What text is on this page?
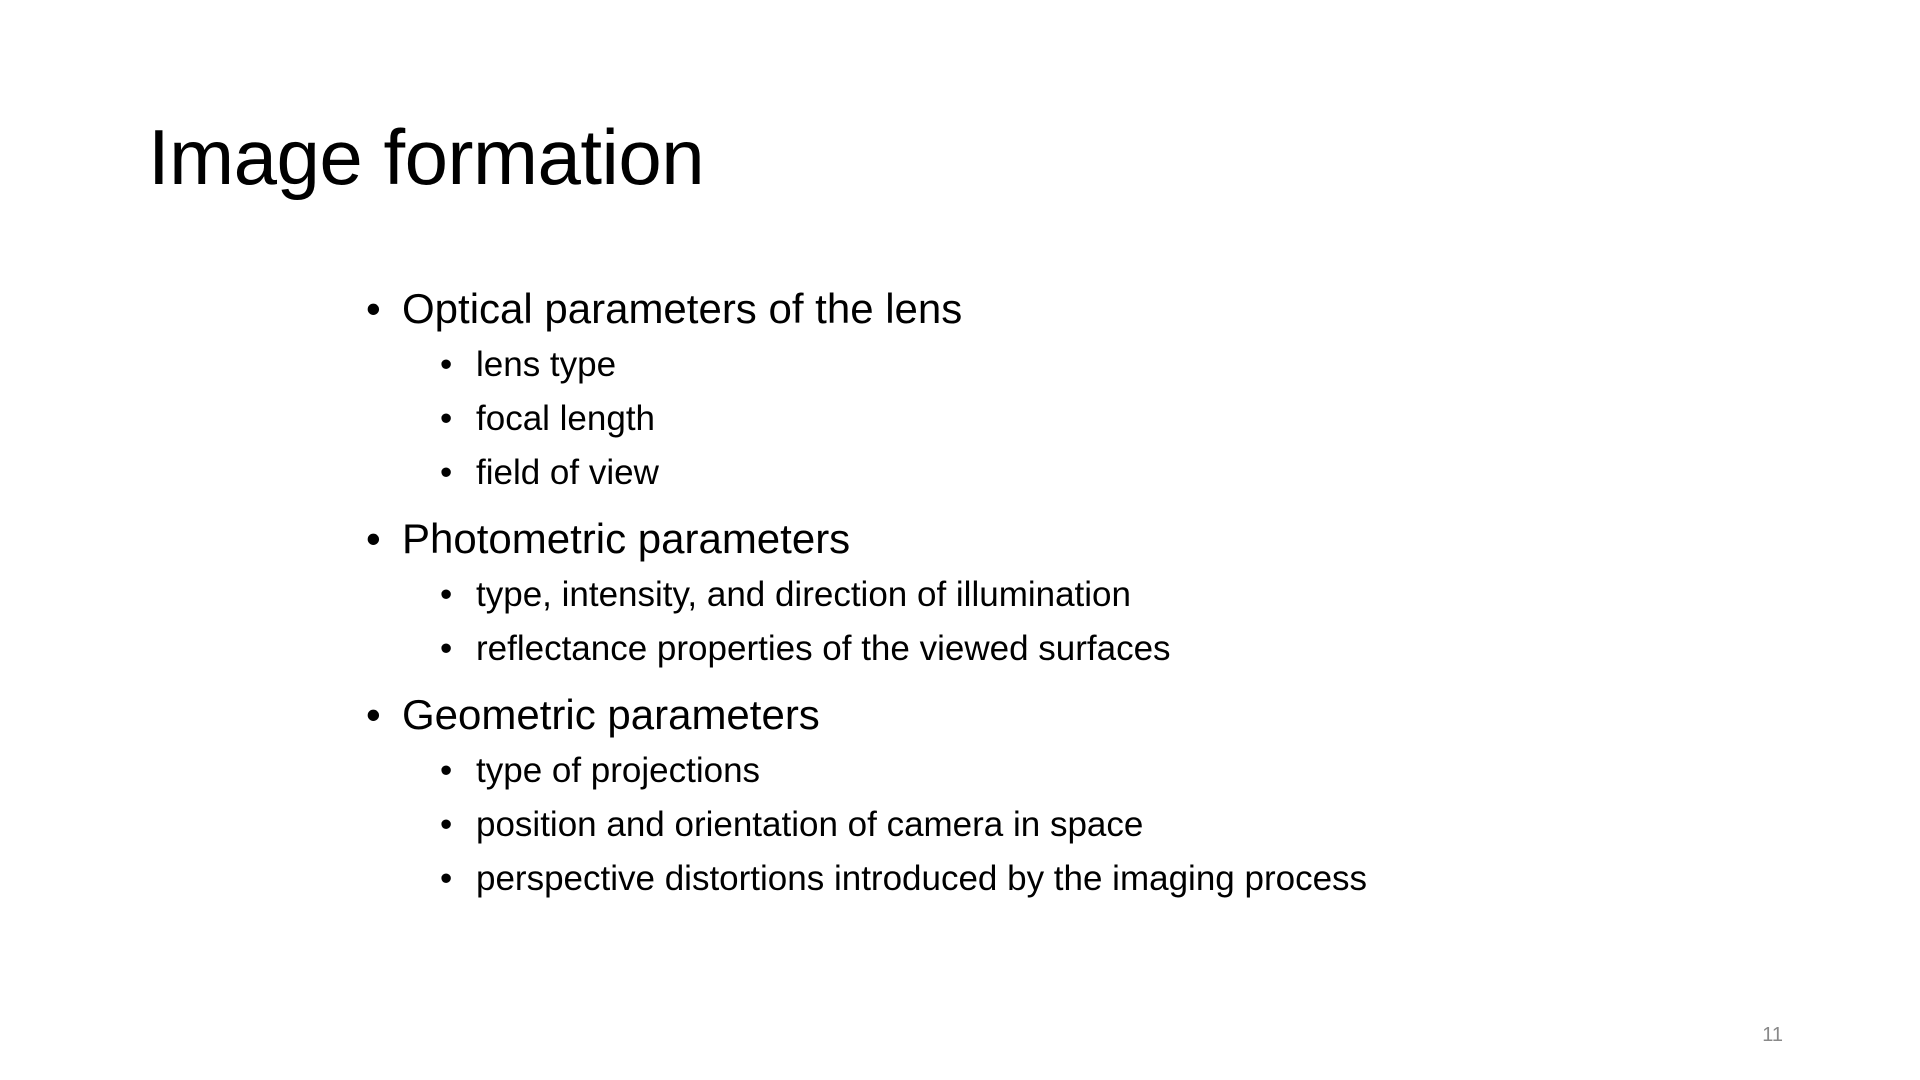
Image formation
• Optical parameters of the lens
• lens type
• focal length
• field of view
• Photometric parameters
• type, intensity, and direction of illumination
• reflectance properties of the viewed surfaces
• Geometric parameters
• type of projections
• position and orientation of camera in space
• perspective distortions introduced by the imaging process
11
